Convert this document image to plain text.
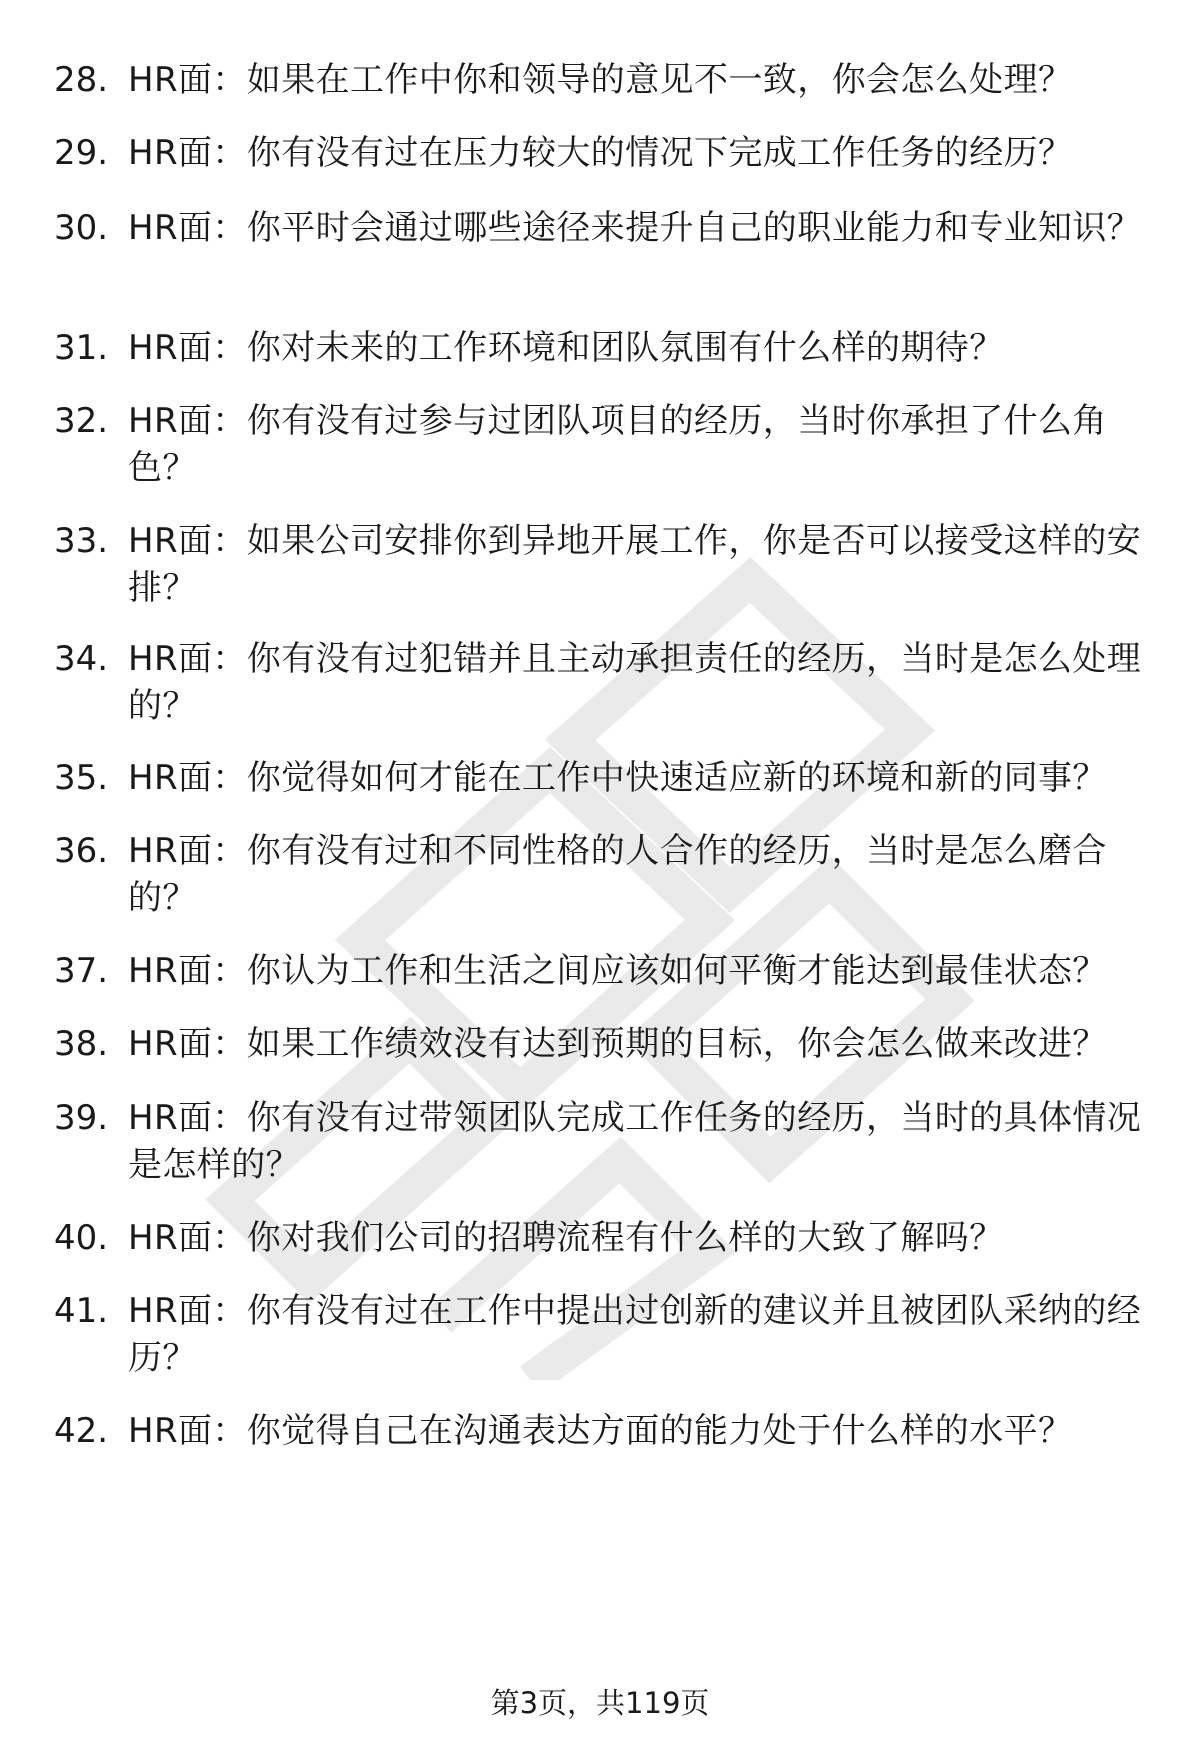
28. HR面：如果在工作中你和领导的意见不一致，你会怎么处理？
29. HR面：你有没有过在压力较大的情况下完成工作任务的经历？
30. HR面：你平时会通过哪些途径来提升自己的职业能力和专业知识？
31. HR面：你对未来的工作环境和团队氛围有什么样的期待？
32. HR面：你有没有过参与过团队项目的经历，当时你承担了什么角色？
33. HR面：如果公司安排你到异地开展工作，你是否可以接受这样的安排？
34. HR面：你有没有过犯错并且主动承担责任的经历，当时是怎么处理的？
35. HR面：你觉得如何才能在工作中快速适应新的环境和新的同事？
36. HR面：你有没有过和不同性格的人合作的经历，当时是怎么磨合的？
37. HR面：你认为工作和生活之间应该如何平衡才能达到最佳状态？
38. HR面：如果工作绩效没有达到预期的目标，你会怎么做来改进？
39. HR面：你有没有过带领团队完成工作任务的经历，当时的具体情况是怎样的？
40. HR面：你对我们公司的招聘流程有什么样的大致了解吗？
41. HR面：你有没有过在工作中提出过创新的建议并且被团队采纳的经历？
42. HR面：你觉得自己在沟通表达方面的能力处于什么样的水平？
第3页，共119页
